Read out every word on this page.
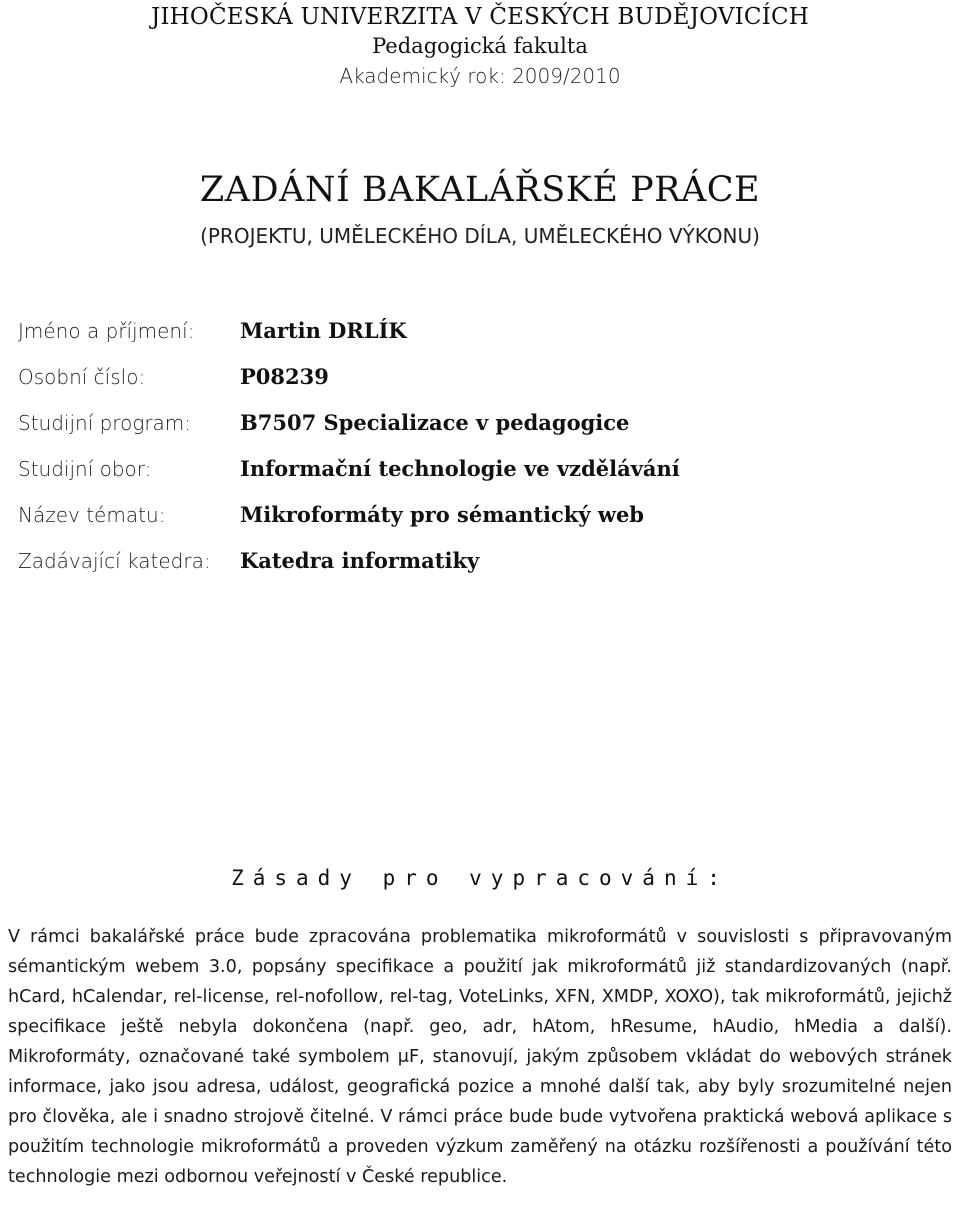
JIHOČESKÁ UNIVERZITA V ČESKÝCH BUDĚJOVICÍCH
Pedagogická fakulta
Akademický rok: 2009/2010
ZADÁNÍ BAKALÁŘSKÉ PRÁCE
(PROJEKTU, UMĚLECKÉHO DÍLA, UMĚLECKÉHO VÝKONU)
Jméno a příjmení:	Martin DRLÍK
Osobní číslo:	P08239
Studijní program:	B7507 Specializace v pedagogice
Studijní obor:	Informační technologie ve vzdělávání
Název tématu:	Mikroformáty pro sémantický web
Zadávající katedra:	Katedra informatiky
Zásady pro vypracování:
V rámci bakalářské práce bude zpracována problematika mikroformátů v souvislosti s připravovaným sémantickým webem 3.0, popsány specifikace a použití jak mikroformátů již standardizovaných (např. hCard, hCalendar, rel-license, rel-nofollow, rel-tag, VoteLinks, XFN, XMDP, XOXO), tak mikroformátů, jejichž specifikace ještě nebyla dokončena (např. geo, adr, hAtom, hResume, hAudio, hMedia a další). Mikroformáty, označované také symbolem μF, stanovují, jakým způsobem vkládat do webových stránek informace, jako jsou adresa, událost, geografická pozice a mnohé další tak, aby byly srozumitelné nejen pro člověka, ale i snadno strojově čitelné. V rámci práce bude bude vytvořena praktická webová aplikace s použitím technologie mikroformátů a proveden výzkum zaměřený na otázku rozšířenosti a používání této technologie mezi odbornou veřejností v České republice.
